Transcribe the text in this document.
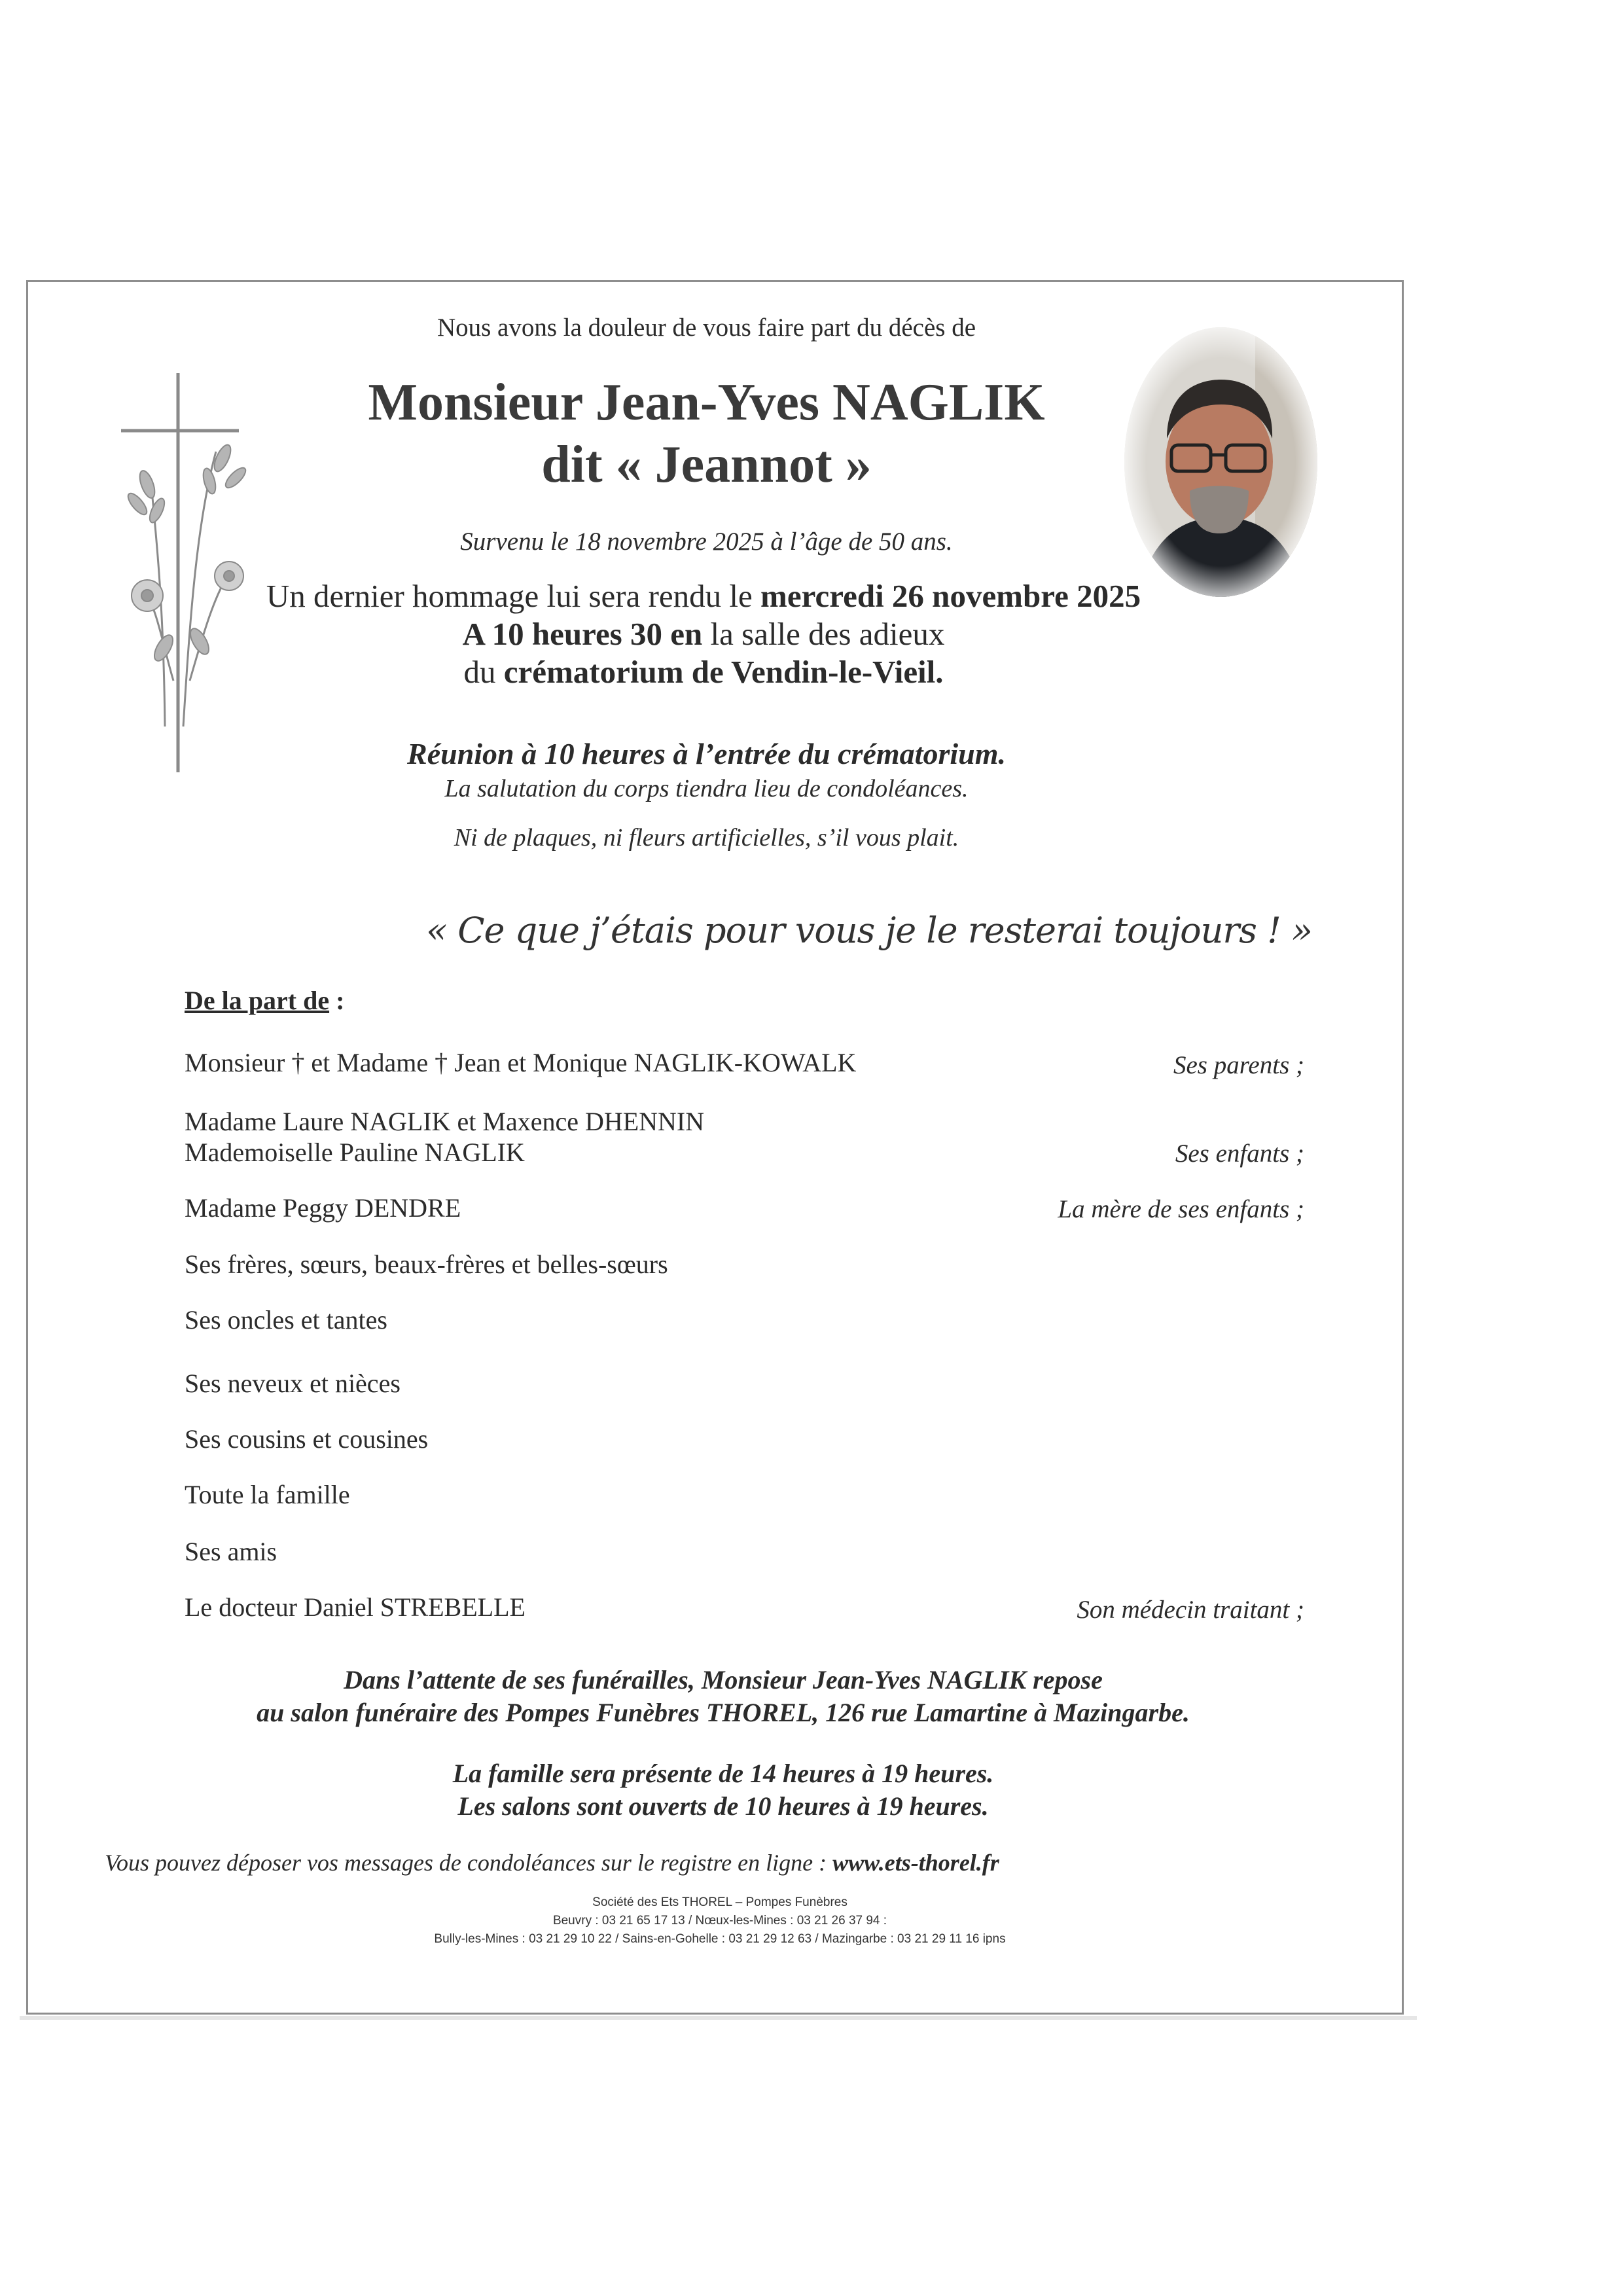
Nous avons la douleur de vous faire part du décès de
Monsieur Jean-Yves NAGLIK
dit « Jeannot »
Survenu le 18 novembre 2025 à l’âge de 50 ans.
Un dernier hommage lui sera rendu le mercredi 26 novembre 2025
A 10 heures 30 en la salle des adieux
du crématorium de Vendin-le-Vieil.
Réunion à 10 heures à l’entrée du crématorium.
La salutation du corps tiendra lieu de condoléances.
Ni de plaques, ni fleurs artificielles, s’il vous plait.
« Ce que j’étais pour vous je le resterai toujours ! »
De la part de :
Monsieur † et Madame † Jean et Monique NAGLIK-KOWALK	Ses parents ;
Madame Laure NAGLIK et Maxence DHENNIN
Mademoiselle Pauline NAGLIK	Ses enfants ;
Madame Peggy DENDRE	La mère de ses enfants ;
Ses frères, sœurs, beaux-frères et belles-sœurs
Ses oncles et tantes
Ses neveux et nièces
Ses cousins et cousines
Toute la famille
Ses amis
Le docteur Daniel STREBELLE	Son médecin traitant ;
Dans l’attente de ses funérailles, Monsieur Jean-Yves NAGLIK repose
au salon funéraire des Pompes Funèbres THOREL, 126 rue Lamartine à Mazingarbe.
La famille sera présente de 14 heures à 19 heures.
Les salons sont ouverts de 10 heures à 19 heures.
Vous pouvez déposer vos messages de condoléances sur le registre en ligne : www.ets-thorel.fr
Société des Ets THOREL – Pompes Funèbres
Beuvry : 03 21 65 17 13 / Nœux-les-Mines : 03 21 26 37 94 :
Bully-les-Mines : 03 21 29 10 22 / Sains-en-Gohelle : 03 21 29 12 63 / Mazingarbe : 03 21 29 11 16 ipns
